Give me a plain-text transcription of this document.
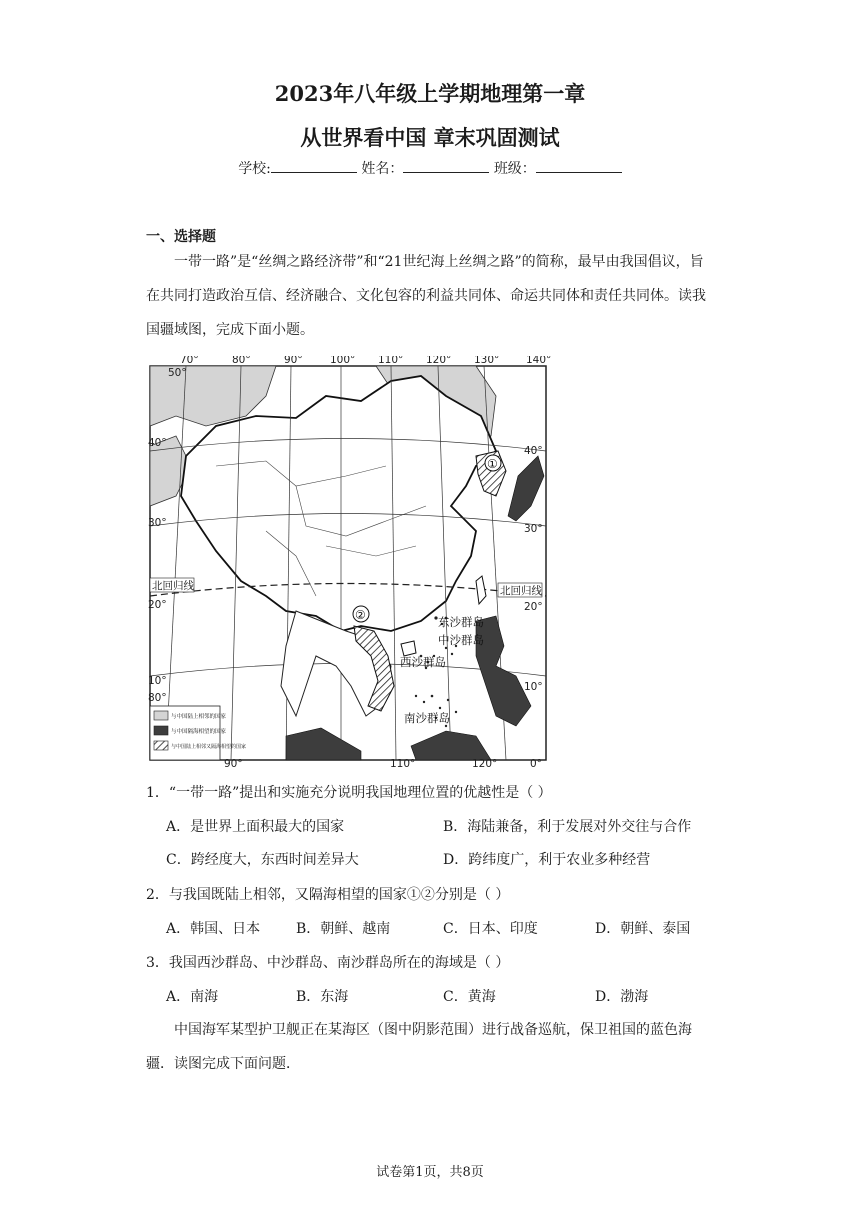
2023年八年级上学期地理第一章
从世界看中国 章末巩固测试
学校:	姓名：	班级：
一、选择题
一带一路”是“丝绸之路经济带”和“21世纪海上丝绸之路”的简称，最早由我国倡议，旨在共同打造政治互信、经济融合、文化包容的利益共同体、命运共同体和责任共同体。读我国疆域图，完成下面小题。
70°	80°	90°	100° 110° 120° 130°	140°
90°	110°	120°	0°
50°
40°
30°
20°
10°
80°
40°
30°
20°
10°
北回归线	北回归线
①
②	东沙群岛
中沙群岛
西沙群岛
南沙群岛
与中国陆上相邻的国家
与中国隔海相望的国家
与中国陆上相邻又隔海相望的国家
1．“一带一路”提出和实施充分说明我国地理位置的优越性是（ ）
A．是世界上面积最大的国家	B．海陆兼备，利于发展对外交往与合作
C．跨经度大，东西时间差异大	D．跨纬度广，利于农业多种经营
2．与我国既陆上相邻，又隔海相望的国家①②分别是（ ）
A．韩国、日本	B．朝鲜、越南	C．日本、印度	D．朝鲜、泰国
3．我国西沙群岛、中沙群岛、南沙群岛所在的海域是（ ）
A．南海	B．东海	C．黄海	D．渤海
中国海军某型护卫舰正在某海区（图中阴影范围）进行战备巡航，保卫祖国的蓝色海疆．读图完成下面问题．
试卷第1页，共8页
